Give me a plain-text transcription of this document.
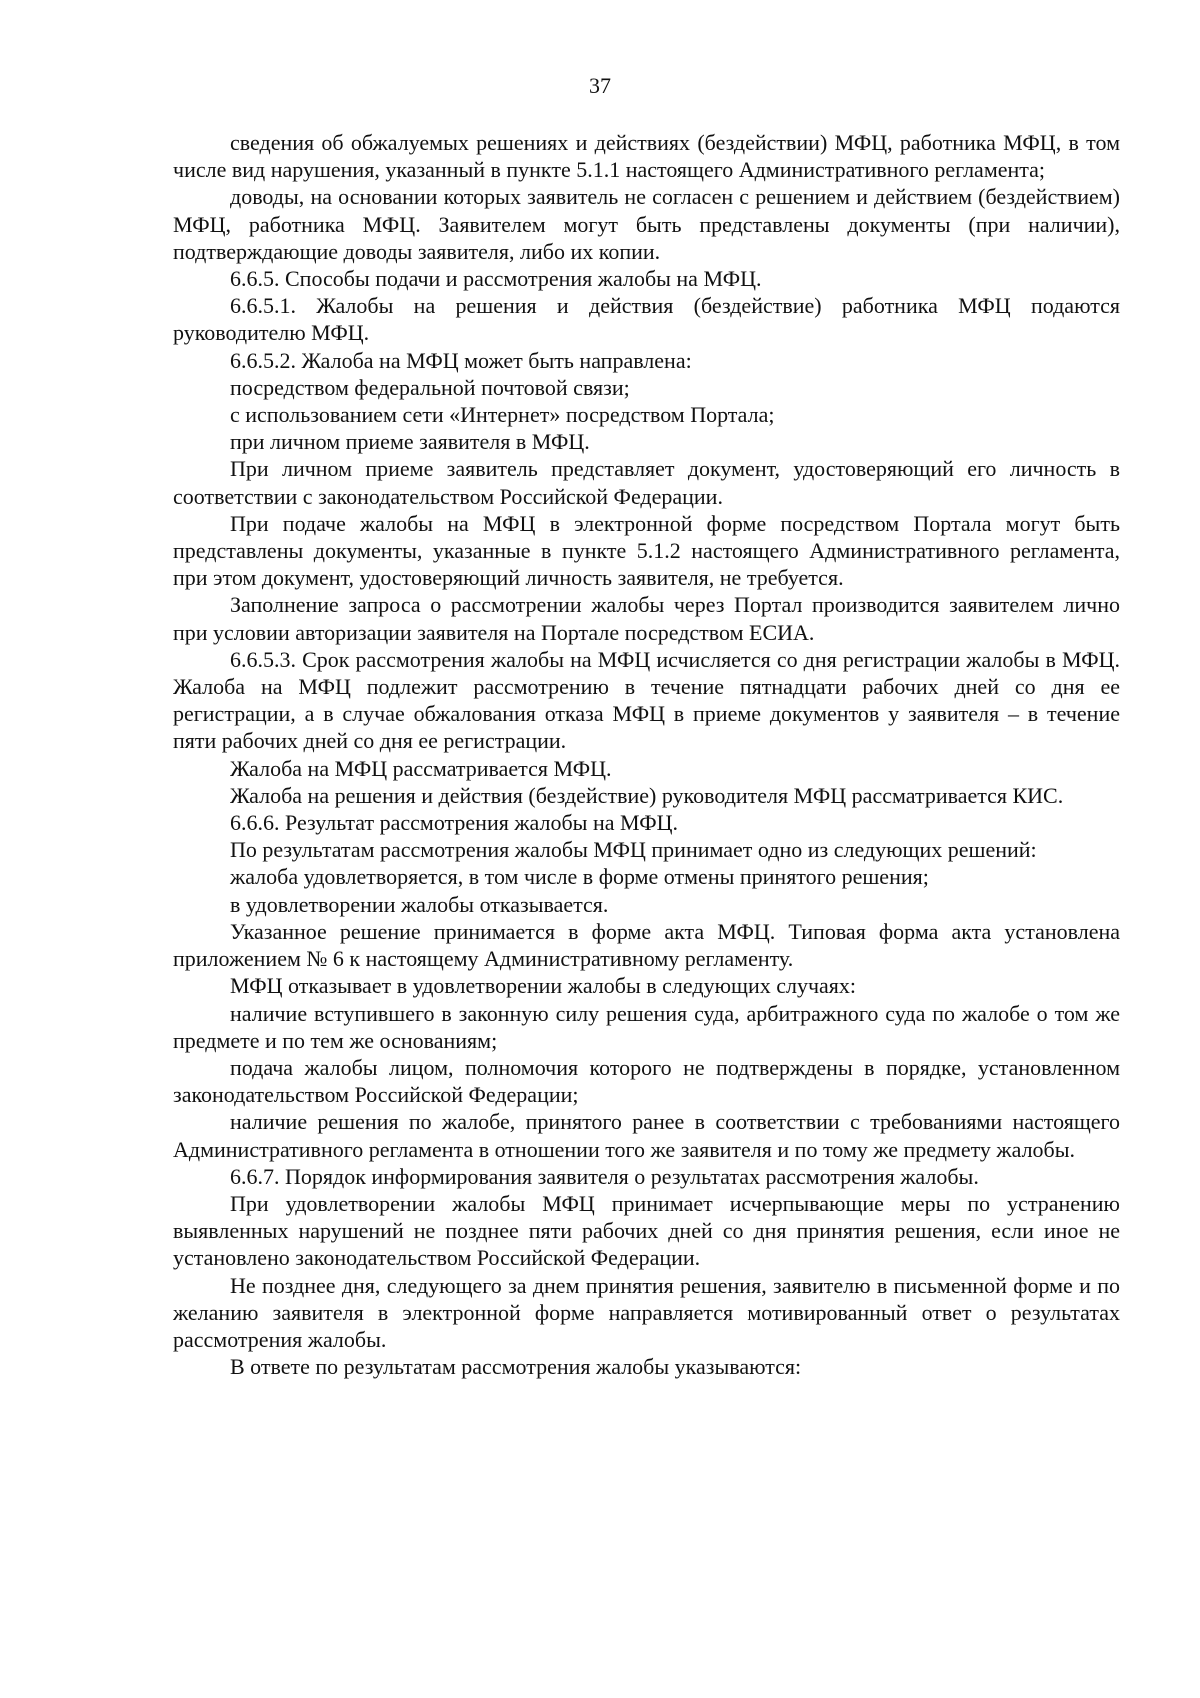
37

сведения об обжалуемых решениях и действиях (бездействии) МФЦ, работника МФЦ, в том числе вид нарушения, указанный в пункте 5.1.1 настоящего Административного регламента;

доводы, на основании которых заявитель не согласен с решением и действием (бездействием) МФЦ, работника МФЦ. Заявителем могут быть представлены документы (при наличии), подтверждающие доводы заявителя, либо их копии.

6.6.5. Способы подачи и рассмотрения жалобы на МФЦ.

6.6.5.1. Жалобы на решения и действия (бездействие) работника МФЦ подаются руководителю МФЦ.

6.6.5.2. Жалоба на МФЦ может быть направлена:

посредством федеральной почтовой связи;

с использованием сети «Интернет» посредством Портала;

при личном приеме заявителя в МФЦ.

При личном приеме заявитель представляет документ, удостоверяющий его личность в соответствии с законодательством Российской Федерации.

При подаче жалобы на МФЦ в электронной форме посредством Портала могут быть представлены документы, указанные в пункте 5.1.2 настоящего Административного регламента, при этом документ, удостоверяющий личность заявителя, не требуется.

Заполнение запроса о рассмотрении жалобы через Портал производится заявителем лично при условии авторизации заявителя на Портале посредством ЕСИА.

6.6.5.3. Срок рассмотрения жалобы на МФЦ исчисляется со дня регистрации жалобы в МФЦ. Жалоба на МФЦ подлежит рассмотрению в течение пятнадцати рабочих дней со дня ее регистрации, а в случае обжалования отказа МФЦ в приеме документов у заявителя – в течение пяти рабочих дней со дня ее регистрации.

Жалоба на МФЦ рассматривается МФЦ.

Жалоба на решения и действия (бездействие) руководителя МФЦ рассматривается КИС.

6.6.6. Результат рассмотрения жалобы на МФЦ.

По результатам рассмотрения жалобы МФЦ принимает одно из следующих решений:

жалоба удовлетворяется, в том числе в форме отмены принятого решения;

в удовлетворении жалобы отказывается.

Указанное решение принимается в форме акта МФЦ. Типовая форма акта установлена приложением № 6 к настоящему Административному регламенту.

МФЦ отказывает в удовлетворении жалобы в следующих случаях:

наличие вступившего в законную силу решения суда, арбитражного суда по жалобе о том же предмете и по тем же основаниям;

подача жалобы лицом, полномочия которого не подтверждены в порядке, установленном законодательством Российской Федерации;

наличие решения по жалобе, принятого ранее в соответствии с требованиями настоящего Административного регламента в отношении того же заявителя и по тому же предмету жалобы.

6.6.7. Порядок информирования заявителя о результатах рассмотрения жалобы.

При удовлетворении жалобы МФЦ принимает исчерпывающие меры по устранению выявленных нарушений не позднее пяти рабочих дней со дня принятия решения, если иное не установлено законодательством Российской Федерации.

Не позднее дня, следующего за днем принятия решения, заявителю в письменной форме и по желанию заявителя в электронной форме направляется мотивированный ответ о результатах рассмотрения жалобы.

В ответе по результатам рассмотрения жалобы указываются:
